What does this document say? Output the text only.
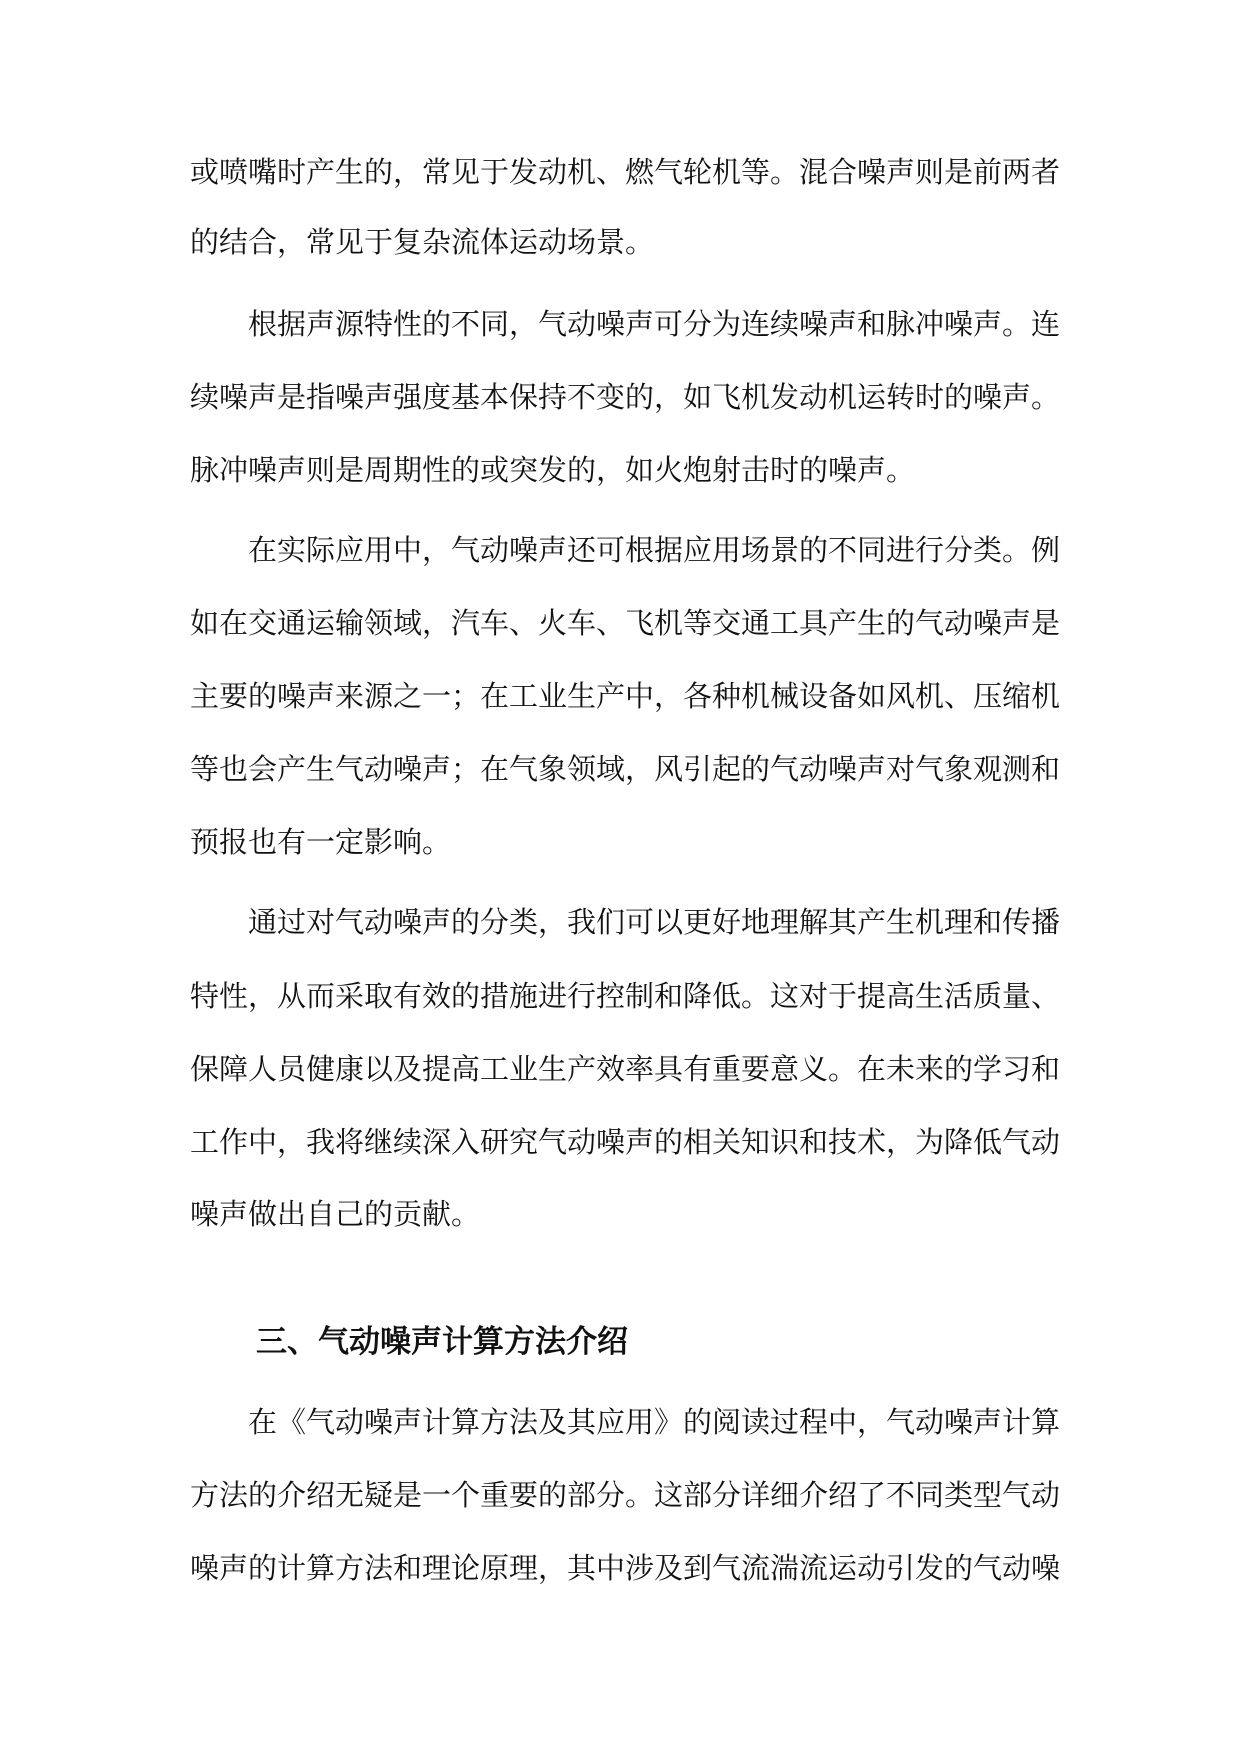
或喷嘴时产生的，常见于发动机、燃气轮机等。混合噪声则是前两者
的结合，常见于复杂流体运动场景。
根据声源特性的不同，气动噪声可分为连续噪声和脉冲噪声。连
续噪声是指噪声强度基本保持不变的，如飞机发动机运转时的噪声。
脉冲噪声则是周期性的或突发的，如火炮射击时的噪声。
在实际应用中，气动噪声还可根据应用场景的不同进行分类。例
如在交通运输领域，汽车、火车、飞机等交通工具产生的气动噪声是
主要的噪声来源之一；在工业生产中，各种机械设备如风机、压缩机
等也会产生气动噪声；在气象领域，风引起的气动噪声对气象观测和
预报也有一定影响。
通过对气动噪声的分类，我们可以更好地理解其产生机理和传播
特性，从而采取有效的措施进行控制和降低。这对于提高生活质量、
保障人员健康以及提高工业生产效率具有重要意义。在未来的学习和
工作中，我将继续深入研究气动噪声的相关知识和技术，为降低气动
噪声做出自己的贡献。
三、气动噪声计算方法介绍
在《气动噪声计算方法及其应用》的阅读过程中，气动噪声计算
方法的介绍无疑是一个重要的部分。这部分详细介绍了不同类型气动
噪声的计算方法和理论原理，其中涉及到气流湍流运动引发的气动噪
